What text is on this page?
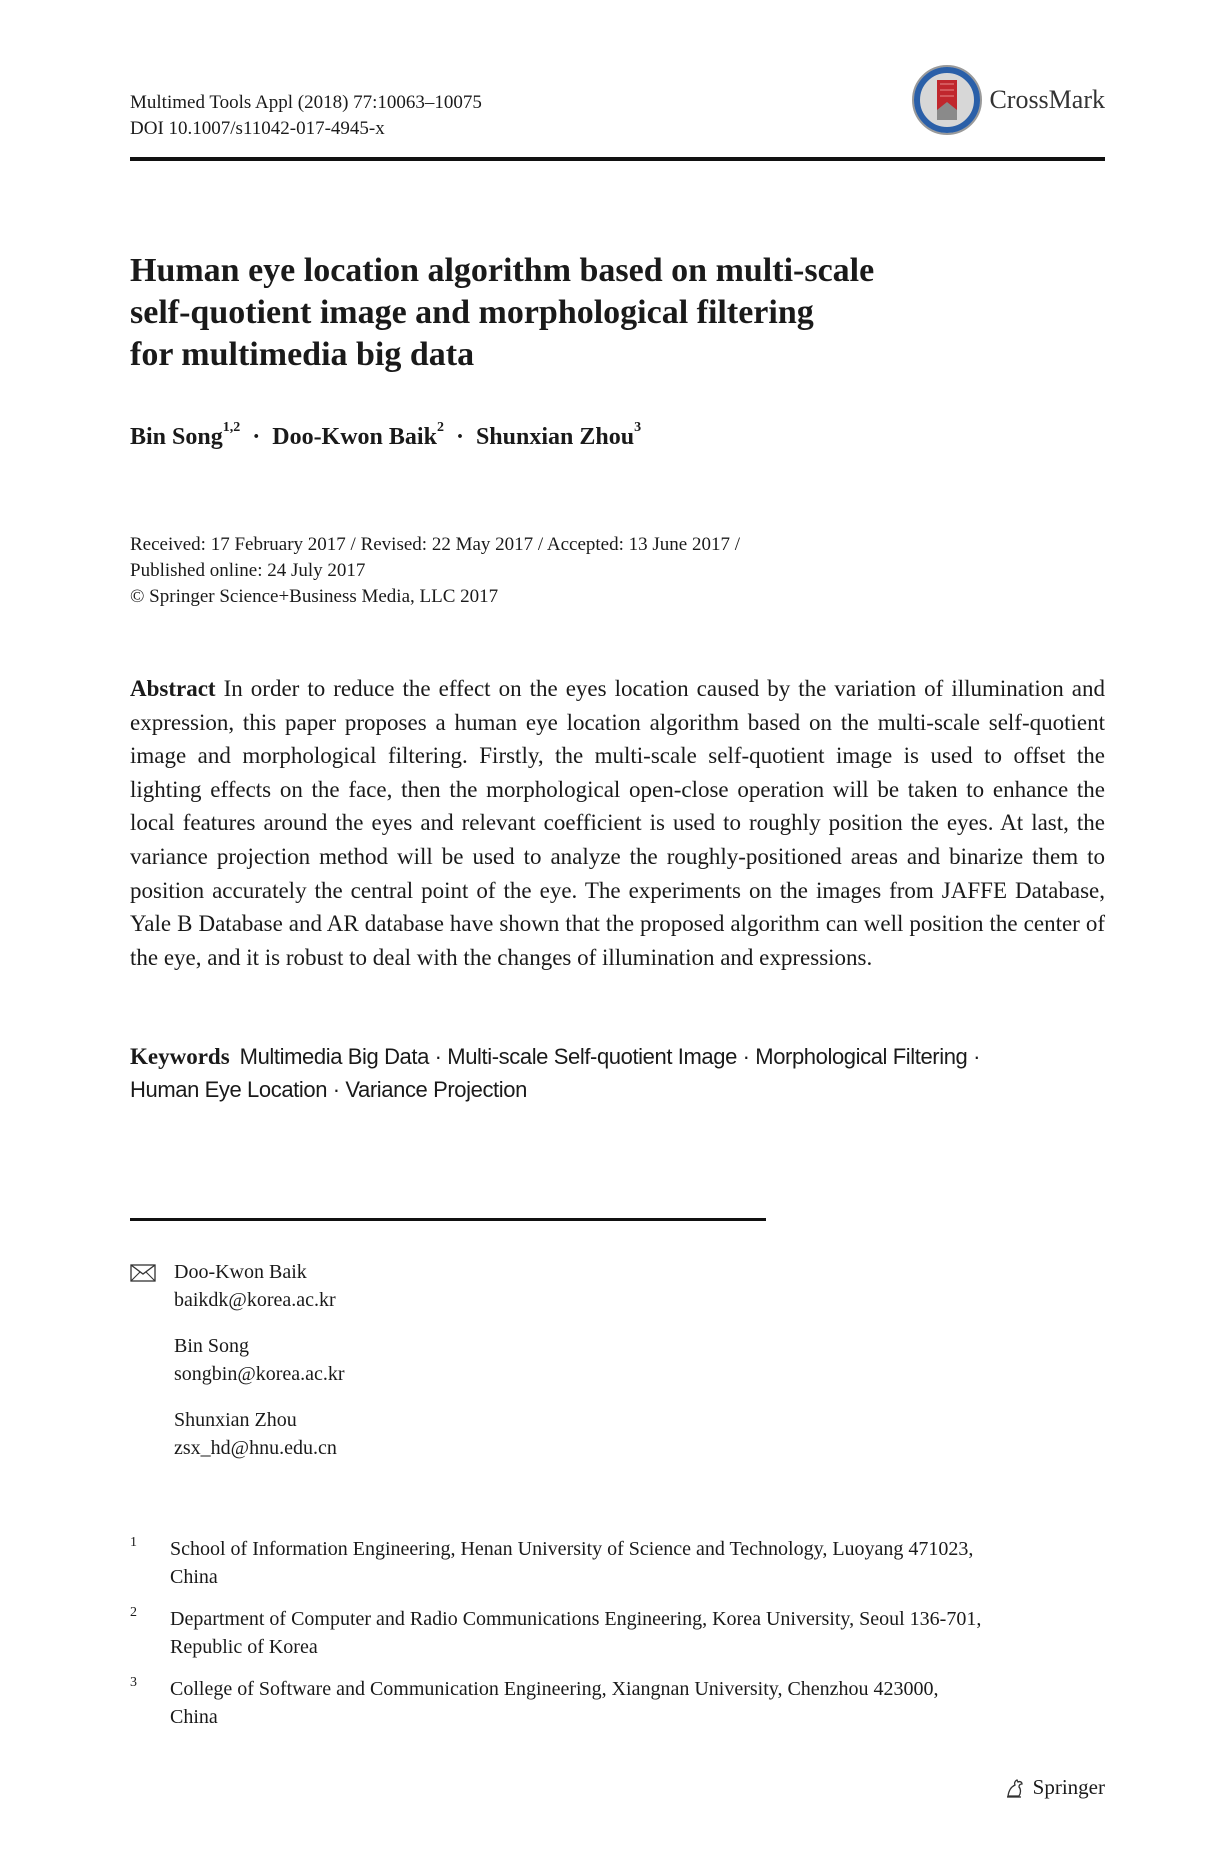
Multimed Tools Appl (2018) 77:10063–10075
DOI 10.1007/s11042-017-4945-x
CrossMark
Human eye location algorithm based on multi-scale
self-quotient image and morphological filtering
for multimedia big data
Bin Song$^{1,2}$ · Doo-Kwon Baik$^2$ · Shunxian Zhou$^3$
Received: 17 February 2017 / Revised: 22 May 2017 / Accepted: 13 June 2017 /
Published online: 24 July 2017
© Springer Science+Business Media, LLC 2017

Abstract In order to reduce the effect on the eyes location caused by the variation of illumination and expression, this paper proposes a human eye location algorithm based on the multi-scale self-quotient image and morphological filtering. Firstly, the multi-scale self-quotient image is used to offset the lighting effects on the face, then the morphological open-close operation will be taken to enhance the local features around the eyes and relevant coefficient is used to roughly position the eyes. At last, the variance projection method will be used to analyze the roughly-positioned areas and binarize them to position accurately the central point of the eye. The experiments on the images from JAFFE Database, Yale B Database and AR database have shown that the proposed algorithm can well position the center of the eye, and it is robust to deal with the changes of illumination and expressions.

Keywords Multimedia Big Data · Multi-scale Self-quotient Image · Morphological Filtering ·
Human Eye Location · Variance Projection
Doo-Kwon Baik
baikdk@korea.ac.kr
Bin Song
songbin@korea.ac.kr
Shunxian Zhou
zsx_hd@hnu.edu.cn
1 School of Information Engineering, Henan University of Science and Technology, Luoyang 471023,
China
2 Department of Computer and Radio Communications Engineering, Korea University, Seoul 136-701,
Republic of Korea
3 College of Software and Communication Engineering, Xiangnan University, Chenzhou 423000,
China
Springer
